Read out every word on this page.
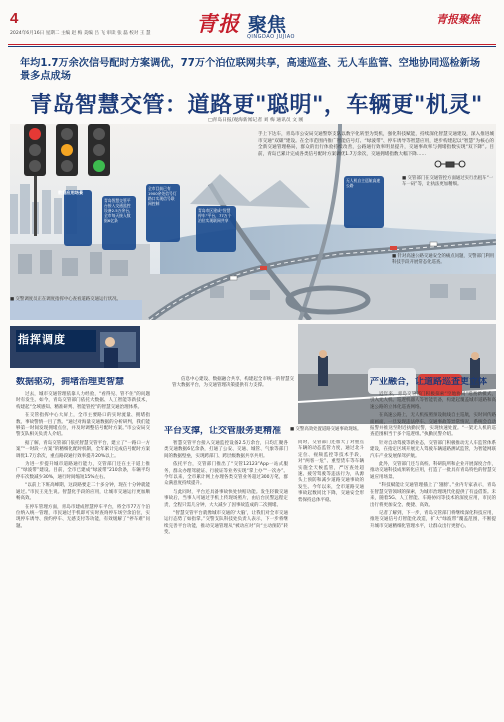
4
2024年6月16日 星期二 主编 赵 梅 美编 吕 飞 审读 张 磊 校对 王 慧 青报 聚焦
QINGDAO JUJIAO
青报聚焦
年均1.7万余次信号配时方案调优，77万个泊位联网共享，高速巡查、无人车监管、空地协同巡检新场景多点成场
青岛智慧交管：道路更"聪明"，车辆更"机灵"
数据应用场景
青岛智慧交管平台接入交通监控设备2.5万余台，全市每天接入数据6亿条
全市目前已有1900余处信号灯路口实现信号联网控制
青岛市区建成“智慧停车”平台，77万个泊位实现联网共享
无人机自主巡航高速公路
□青岛日报/观海新闻记者 刘 梅 通讯员 文 刚
手上下达车，青岛市公安局交通警察支队以数字化转型为契机，强化科技赋能，持续深化智慧交通建设，深入推进城市交通“双碳”建设。在全市范围内推广智能信号灯、“绿波带”、停车诱导等智慧应用，逐步构建起以“智慧”为核心的全新交通管理格局，群众的出行体验持续改善，公路通行效率明显提升，交通事故率与拥堵指数实现“双下降”。目前，青岛已累计完成各类信号配时方案调优1.7万余次，交通拥堵指数大幅下降……
■ 交管部门在交通管控方面通过实行出租车“一车一码”等，让执法更加精细。
■ 针对高速公路交通安全的痛点问题，交警部门利用科技手段开展常态化巡查。
指挥调度
■ 交警调度员正在调度指挥中心查看道路交通运行状况。
■ 交警高效处置道路交通事故现场。
数据驱动，拥堵治理更智慧

过去，城市交通管理依靠人力经验，“看得见、管不住”的问题时有发生。如今，青岛交管部门依托大数据、人工智能等新技术，构建起“全域感知、精准研判、智能管控”的智慧交通治理体系。

在交管指挥中心大屏上，全市主要路口的实时流量、拥堵指数、事故警情一目了然。“通过对海量交通数据的分析研判，我们能够第一时间发现拥堵点位，并及时调整信号配时方案。”市公安局交警支队相关负责人介绍。

据了解，青岛交管部门依托智慧交管平台，建立了“一路口一方案”“一时段一方案”的精细化配时机制，全年累计完成信号配时方案调优1.7万余次，重点路段通行效率提升20%以上。

为进一步提升城市道路通行能力，交管部门还在主干道上推广“绿波带”建设。目前，全市已建成“绿波带”210余条，车辆平均停车次数减少30%，通行时间缩短15%左右。

“以前上下班高峰期，这段路要走二十多分钟，现在十分钟就能通过。”市民王先生说。智慧化手段的应用，让城市交通运行更加顺畅高效。

在停车管理方面，青岛市建成智慧停车平台，将全市77万个泊位纳入统一管理，市民通过手机即可实时查询停车场空余泊位，实现停车诱导、预约停车、无感支付等功能，有效缓解了“停车难”问题。

信息中心建设、数据融合共享，构建起全市统一的智慧交管大数据平台，为交通管理决策提供有力支撑。

平台支撑，让交管服务更精准

智慧交管平台接入交通监控设备2.5万余台，日均汇聚各类交通数据6亿余条，打通了公安、交通、城管、气象等部门间的数据壁垒，实现跨部门、跨层级数据共享共用。

依托平台，交管部门推出了“交管12123”App一站式服务，群众办理驾驶证、行驶证等业务实现“掌上办”“一次办”。今年以来，全市累计网上办理各类交管业务超过300万笔，群众满意度持续提升。

与此同时，平台还具备事故快处快赔功能。发生轻微交通事故后，当事人可通过手机上传现场照片，由后台民警远程定责，全程只需几分钟，大大减少了因事故造成的二次拥堵。

“智慧交管平台就像城市交通的‘大脑’，让我们对全市交通运行态势了如指掌。”交警支队科技处负责人表示，下一步将继续完善平台功能，推动交通管理从“被动应对”向“主动预防”转变。

同时，交管部门还加大了对重点车辆的动态监管力度，通过北斗定位、视频监控等技术手段，对“两客一危”、重型货车等车辆实施全天候监管，严厉查处超速、疲劳驾驶等违法行为，从源头上预防和减少道路交通事故的发生。今年以来，全市道路交通事故起数同比下降，交通安全形势保持总体平稳。
产业融合，让道路巡查更立体

近年来，青岛交管部门积极探索“空地协同”巡查新模式，引入无人机、巡逻机器人等智能装备，构建起覆盖城市道路和高速公路的立体化巡查网络。

在高速公路上，无人机按照预设航线自主巡航，实时回传路面画面，一旦发现违法停车、交通事故等异常情况，系统会自动报警并推送至附近执勤民警，实现快速处置。“一架无人机的巡查范围相当于多个巡逻组。”执勤民警介绍。

针对自动驾驶等新业态，交管部门积极推动无人车监管体系建设，在指定区域开展无人驾驶车辆道路测试监管，为智能网联汽车产业发展保驾护航。

此外，交管部门还与高校、科研院所和企业开展深度合作，推动交通科技成果转化应用，打造了一批具有青岛特色的智慧交通应用场景。

“科技赋能让交通管理插上了‘翅膀’。”业内专家表示，青岛在智慧交管领域的探索，为城市治理现代化提供了有益借鉴。未来，随着5G、人工智能、车路协同等技术的深度应用，市民的出行将更加安全、便捷、高效。

记者了解到，下一步，青岛交管部门将继续深化科技应用，推进交通信号灯智能化改造，扩大“绿波带”覆盖范围，不断提升城市交通精细化管理水平，让群众出行更舒心。
